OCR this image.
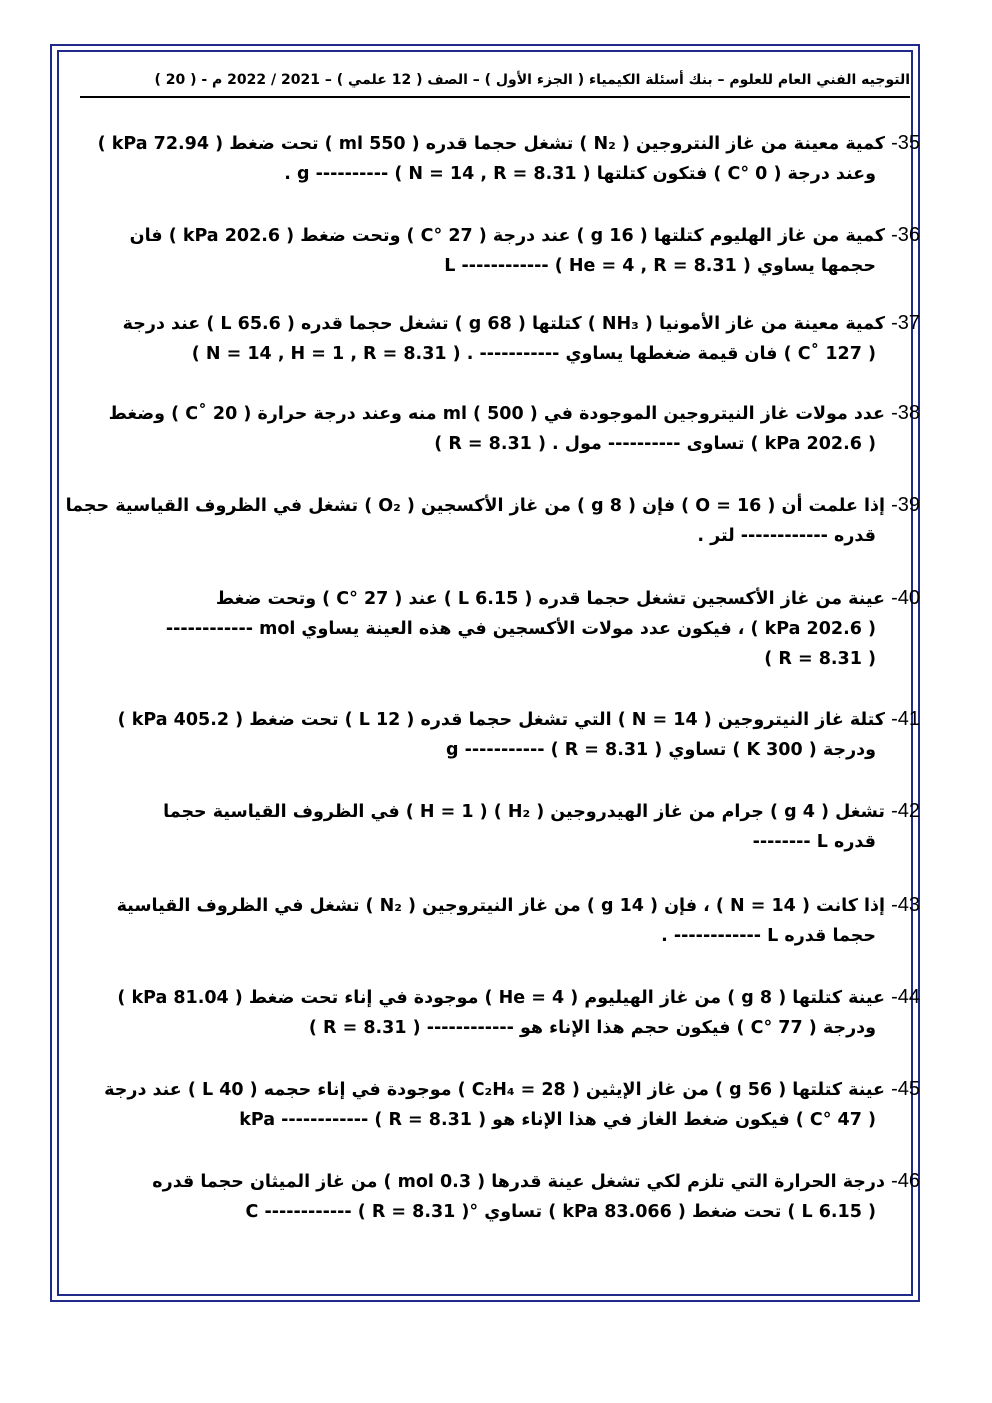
التوجيه الفني العام للعلوم – بنك أسئلة الكيمياء ( الجزء الأول ) – الصف ( 12 علمي ) – 2021 / 2022 م - ( 20 )
35- كمية معينة من غاز النتروجين ( N₂ ) تشغل حجما قدره ( 550 ml ) تحت ضغط ( 72.94 kPa )
وعند درجة ( 0 °C ) فتكون كتلتها g ---------- ( N = 14 , R = 8.31 ) .
36- كمية من غاز الهليوم كتلتها ( 16 g ) عند درجة ( 27 °C ) وتحت ضغط ( 202.6 kPa ) فان
حجمها يساوي L ------------ ( He = 4 , R = 8.31 )
37- كمية معينة من غاز الأمونيا ( NH₃ ) كتلتها ( 68 g ) تشغل حجما قدره ( 65.6 L ) عند درجة
( 127 ˚C ) فان قيمة ضغطها يساوي ----------- . ( N = 14 , H = 1 , R = 8.31 )
38- عدد مولات غاز النيتروجين الموجودة في ml ( 500 ) منه وعند درجة حرارة ( 20 ˚C ) وضغط
( 202.6 kPa ) تساوى ---------- مول . ( R = 8.31 )
39- إذا علمت أن ( O = 16 ) فإن ( 8 g ) من غاز الأكسجين ( O₂ ) تشغل في الظروف القياسية حجما
قدره ------------ لتر .
40- عينة من غاز الأكسجين تشغل حجما قدره ( 6.15 L ) عند ( 27 °C ) وتحت ضغط
( 202.6 kPa ) ، فيكون عدد مولات الأكسجين في هذه العينة يساوي mol ------------
( R = 8.31 )
41- كتلة غاز النيتروجين ( N = 14 ) التي تشغل حجما قدره ( 12 L ) تحت ضغط ( 405.2 kPa )
ودرجة ( 300 K ) تساوي g ----------- ( R = 8.31 )
42- تشغل ( 4 g ) جرام من غاز الهيدروجين ( H₂ ) ( H = 1 ) في الظروف القياسية حجما
قدره L --------
43- إذا كانت ( N = 14 ) ، فإن ( 14 g ) من غاز النيتروجين ( N₂ ) تشغل في الظروف القياسية
حجما قدره L ------------ .
44- عينة كتلتها ( 8 g ) من غاز الهيليوم ( He = 4 ) موجودة في إناء تحت ضغط ( 81.04 kPa )
ودرجة ( 77 °C ) فيكون حجم هذا الإناء هو ------------ ( R = 8.31 )
45- عينة كتلتها ( 56 g ) من غاز الإيثين ( C₂H₄ = 28 ) موجودة في إناء حجمه ( 40 L ) عند درجة
( 47 °C ) فيكون ضغط الغاز في هذا الإناء هو kPa ------------ ( R = 8.31 )
46- درجة الحرارة التي تلزم لكي تشغل عينة قدرها ( 0.3 mol ) من غاز الميثان حجما قدره
( 6.15 L ) تحت ضغط ( 83.066 kPa ) تساوي °C ------------ ( R = 8.31 )
